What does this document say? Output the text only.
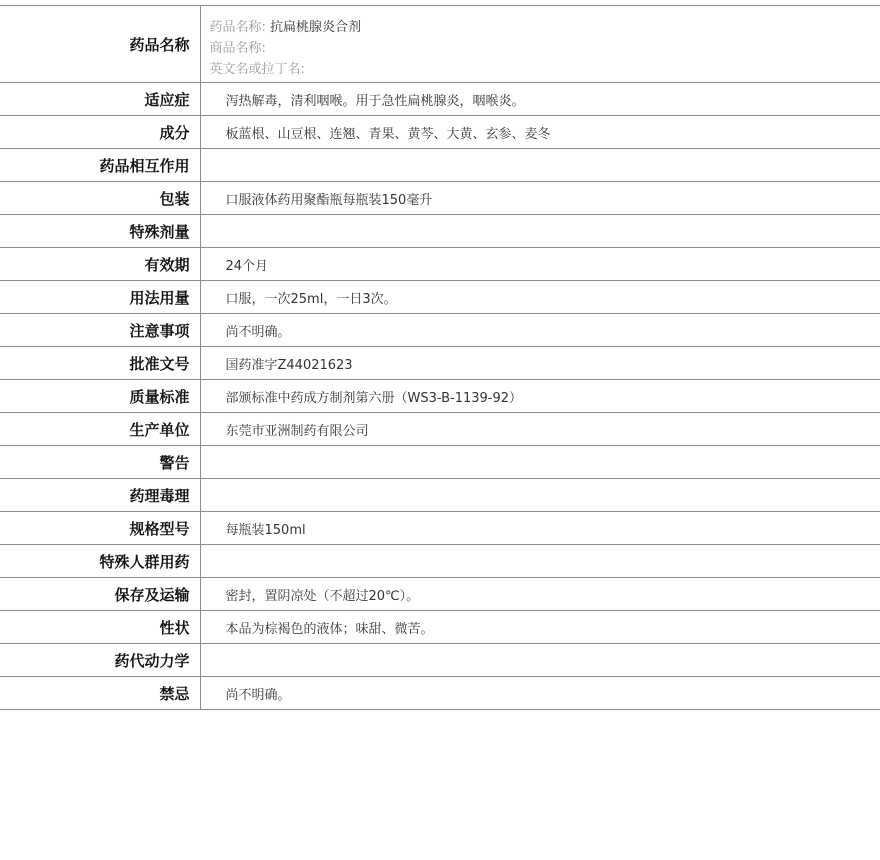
药品名称	药品名称: 抗扁桃腺炎合剂
商品名称:
英文名或拉丁名:

适应症	泻热解毒，清利咽喉。用于急性扁桃腺炎，咽喉炎。
成分	板蓝根、山豆根、连翘、青果、黄芩、大黄、玄参、麦冬
药品相互作用	
包装	口服液体药用聚酯瓶每瓶装150毫升
特殊剂量	
有效期	24个月
用法用量	口服，一次25ml，一日3次。
注意事项	尚不明确。
批准文号	国药准字Z44021623
质量标准	部颁标准中药成方制剂第六册（WS3-B-1139-92）
生产单位	东莞市亚洲制药有限公司
警告	
药理毒理	
规格型号	每瓶装150ml
特殊人群用药	
保存及运输	密封，置阴凉处（不超过20℃）。
性状	本品为棕褐色的液体；味甜、微苦。
药代动力学	
禁忌	尚不明确。
